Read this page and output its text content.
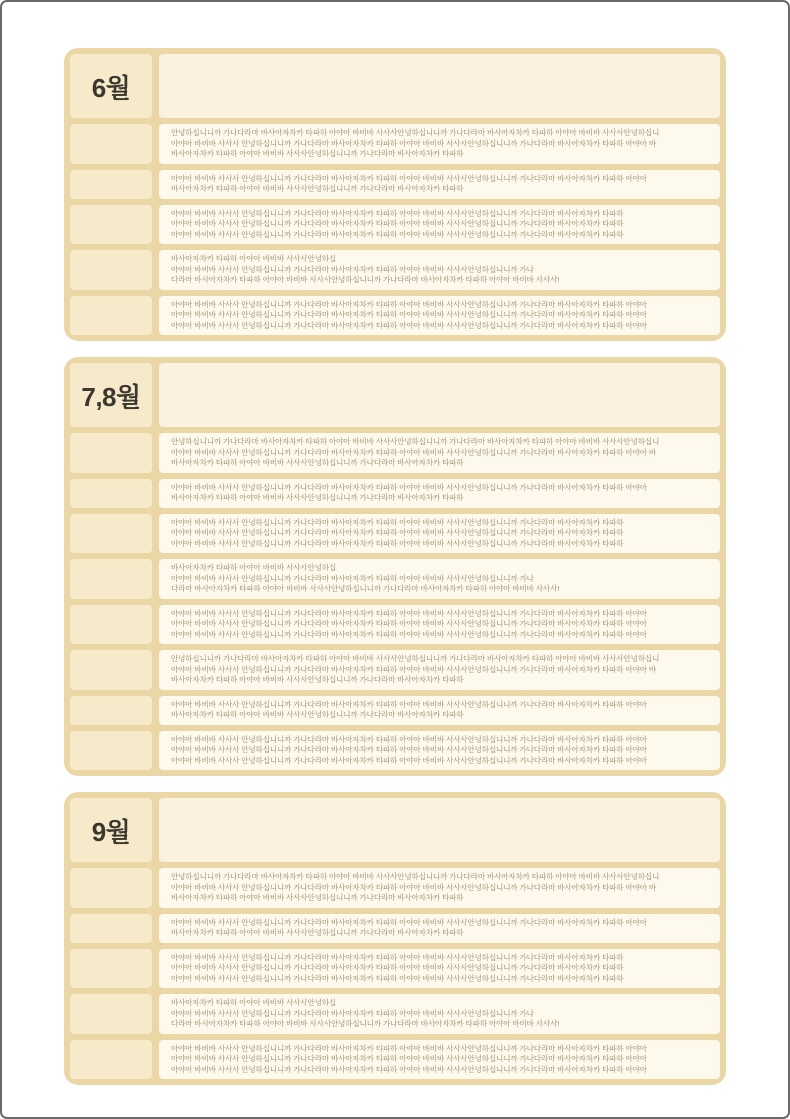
6월
안녕하십니니까 가나다라마 바사아자차카 타파하 아야아 바비바 사사사안녕하십니니까 가나다라마 바사아자차카 타파하 아야아 바비바 사사사안녕하십니
아야아 바비바 사사사 안녕하십니니까 가나다라마 바사아자차카 타파하 아야아 바비바 사사사안녕하십니니까 가나다라마 바사아자차카 타파하 아야아 바
바사아자차카 타파하 아야아 바비바 사사사안녕하십니니까 가나다라마 바사아자차카 타파하
아야아 바비바 사사사 안녕하십니니까 가나다라마 바사아자차카 타파하 아야아 바비바 사사사안녕하십니니까 가나다라마 바사아자차카 타파하 아야아
바사아자차카 타파하 아야아 바비바 사사사안녕하십니니까 가나다라마 바사아자차카 타파하
아야아 바비바 사사사 안녕하십니니까 가나다라마 바사아자차카 타파하 아야아 바비바 사사사안녕하십니니까 가나다라마 바사아자차카 타파하
아야아 바비바 사사사 안녕하십니니까 가나다라마 바사아자차카 타파하 아야아 바비바 사사사안녕하십니니까 가나다라마 바사아자차카 타파하
아야아 바비바 사사사 안녕하십니니까 가나다라마 바사아자차카 타파하 아야아 바비바 사사사안녕하십니니까 가나다라마 바사아자차카 타파하
바사아자차카 타파하 아야아 바비바 사사사안녕하십
아야아 바비바 사사사 안녕하십니니까 가나다라마 바사아자차카 타파하 아야아 바비바 사사사안녕하십니니까 가나
다라마 바사아자차카 타파하 아야아 바비바 사사사안녕하십니니까 가나다라마 바사아자차카 타파하 아야아 바비바 사사사!
아야아 바비바 사사사 안녕하십니니까 가나다라마 바사아자차카 타파하 아야아 바비바 사사사안녕하십니니까 가나다라마 바사아자차카 타파하 아야아
아야아 바비바 사사사 안녕하십니니까 가나다라마 바사아자차카 타파하 아야아 바비바 사사사안녕하십니니까 가나다라마 바사아자차카 타파하 아야아
아야아 바비바 사사사 안녕하십니니까 가나다라마 바사아자차카 타파하 아야아 바비바 사사사안녕하십니니까 가나다라마 바사아자차카 타파하 아야아
7,8월
안녕하십니니까 가나다라마 바사아자차카 타파하 아야아 바비바 사사사안녕하십니니까 가나다라마 바사아자차카 타파하 아야아 바비바 사사사안녕하십니
아야아 바비바 사사사 안녕하십니니까 가나다라마 바사아자차카 타파하 아야아 바비바 사사사안녕하십니니까 가나다라마 바사아자차카 타파하 아야아 바
바사아자차카 타파하 아야아 바비바 사사사안녕하십니니까 가나다라마 바사아자차카 타파하
아야아 바비바 사사사 안녕하십니니까 가나다라마 바사아자차카 타파하 아야아 바비바 사사사안녕하십니니까 가나다라마 바사아자차카 타파하 아야아
바사아자차카 타파하 아야아 바비바 사사사안녕하십니니까 가나다라마 바사아자차카 타파하
아야아 바비바 사사사 안녕하십니니까 가나다라마 바사아자차카 타파하 아야아 바비바 사사사안녕하십니니까 가나다라마 바사아자차카 타파하
아야아 바비바 사사사 안녕하십니니까 가나다라마 바사아자차카 타파하 아야아 바비바 사사사안녕하십니니까 가나다라마 바사아자차카 타파하
아야아 바비바 사사사 안녕하십니니까 가나다라마 바사아자차카 타파하 아야아 바비바 사사사안녕하십니니까 가나다라마 바사아자차카 타파하
바사아자차카 타파하 아야아 바비바 사사사안녕하십
아야아 바비바 사사사 안녕하십니니까 가나다라마 바사아자차카 타파하 아야아 바비바 사사사안녕하십니니까 가나
다라마 바사아자차카 타파하 아야아 바비바 사사사안녕하십니니까 가나다라마 바사아자차카 타파하 아야아 바비바 사사사!
아야아 바비바 사사사 안녕하십니니까 가나다라마 바사아자차카 타파하 아야아 바비바 사사사안녕하십니니까 가나다라마 바사아자차카 타파하 아야아
아야아 바비바 사사사 안녕하십니니까 가나다라마 바사아자차카 타파하 아야아 바비바 사사사안녕하십니니까 가나다라마 바사아자차카 타파하 아야아
아야아 바비바 사사사 안녕하십니니까 가나다라마 바사아자차카 타파하 아야아 바비바 사사사안녕하십니니까 가나다라마 바사아자차카 타파하 아야아
안녕하십니니까 가나다라마 바사아자차카 타파하 아야아 바비바 사사사안녕하십니니까 가나다라마 바사아자차카 타파하 아야아 바비바 사사사안녕하십니
아야아 바비바 사사사 안녕하십니니까 가나다라마 바사아자차카 타파하 아야아 바비바 사사사안녕하십니니까 가나다라마 바사아자차카 타파하 아야아 바
바사아자차카 타파하 아야아 바비바 사사사안녕하십니니까 가나다라마 바사아자차카 타파하
아야아 바비바 사사사 안녕하십니니까 가나다라마 바사아자차카 타파하 아야아 바비바 사사사안녕하십니니까 가나다라마 바사아자차카 타파하 아야아
바사아자차카 타파하 아야아 바비바 사사사안녕하십니니까 가나다라마 바사아자차카 타파하
아야아 바비바 사사사 안녕하십니니까 가나다라마 바사아자차카 타파하 아야아 바비바 사사사안녕하십니니까 가나다라마 바사아자차카 타파하 아야아
아야아 바비바 사사사 안녕하십니니까 가나다라마 바사아자차카 타파하 아야아 바비바 사사사안녕하십니니까 가나다라마 바사아자차카 타파하 아야아
아야아 바비바 사사사 안녕하십니니까 가나다라마 바사아자차카 타파하 아야아 바비바 사사사안녕하십니니까 가나다라마 바사아자차카 타파하 아야아
9월
안녕하십니니까 가나다라마 바사아자차카 타파하 아야아 바비바 사사사안녕하십니니까 가나다라마 바사아자차카 타파하 아야아 바비바 사사사안녕하십니
아야아 바비바 사사사 안녕하십니니까 가나다라마 바사아자차카 타파하 아야아 바비바 사사사안녕하십니니까 가나다라마 바사아자차카 타파하 아야아 바
바사아자차카 타파하 아야아 바비바 사사사안녕하십니니까 가나다라마 바사아자차카 타파하
아야아 바비바 사사사 안녕하십니니까 가나다라마 바사아자차카 타파하 아야아 바비바 사사사안녕하십니니까 가나다라마 바사아자차카 타파하 아야아
바사아자차카 타파하 아야아 바비바 사사사안녕하십니니까 가나다라마 바사아자차카 타파하
아야아 바비바 사사사 안녕하십니니까 가나다라마 바사아자차카 타파하 아야아 바비바 사사사안녕하십니니까 가나다라마 바사아자차카 타파하
아야아 바비바 사사사 안녕하십니니까 가나다라마 바사아자차카 타파하 아야아 바비바 사사사안녕하십니니까 가나다라마 바사아자차카 타파하
아야아 바비바 사사사 안녕하십니니까 가나다라마 바사아자차카 타파하 아야아 바비바 사사사안녕하십니니까 가나다라마 바사아자차카 타파하
바사아자차카 타파하 아야아 바비바 사사사안녕하십
아야아 바비바 사사사 안녕하십니니까 가나다라마 바사아자차카 타파하 아야아 바비바 사사사안녕하십니니까 가나
다라마 바사아자차카 타파하 아야아 바비바 사사사안녕하십니니까 가나다라마 바사아자차카 타파하 아야아 바비바 사사사!
아야아 바비바 사사사 안녕하십니니까 가나다라마 바사아자차카 타파하 아야아 바비바 사사사안녕하십니니까 가나다라마 바사아자차카 타파하 아야아
아야아 바비바 사사사 안녕하십니니까 가나다라마 바사아자차카 타파하 아야아 바비바 사사사안녕하십니니까 가나다라마 바사아자차카 타파하 아야아
아야아 바비바 사사사 안녕하십니니까 가나다라마 바사아자차카 타파하 아야아 바비바 사사사안녕하십니니까 가나다라마 바사아자차카 타파하 아야아
